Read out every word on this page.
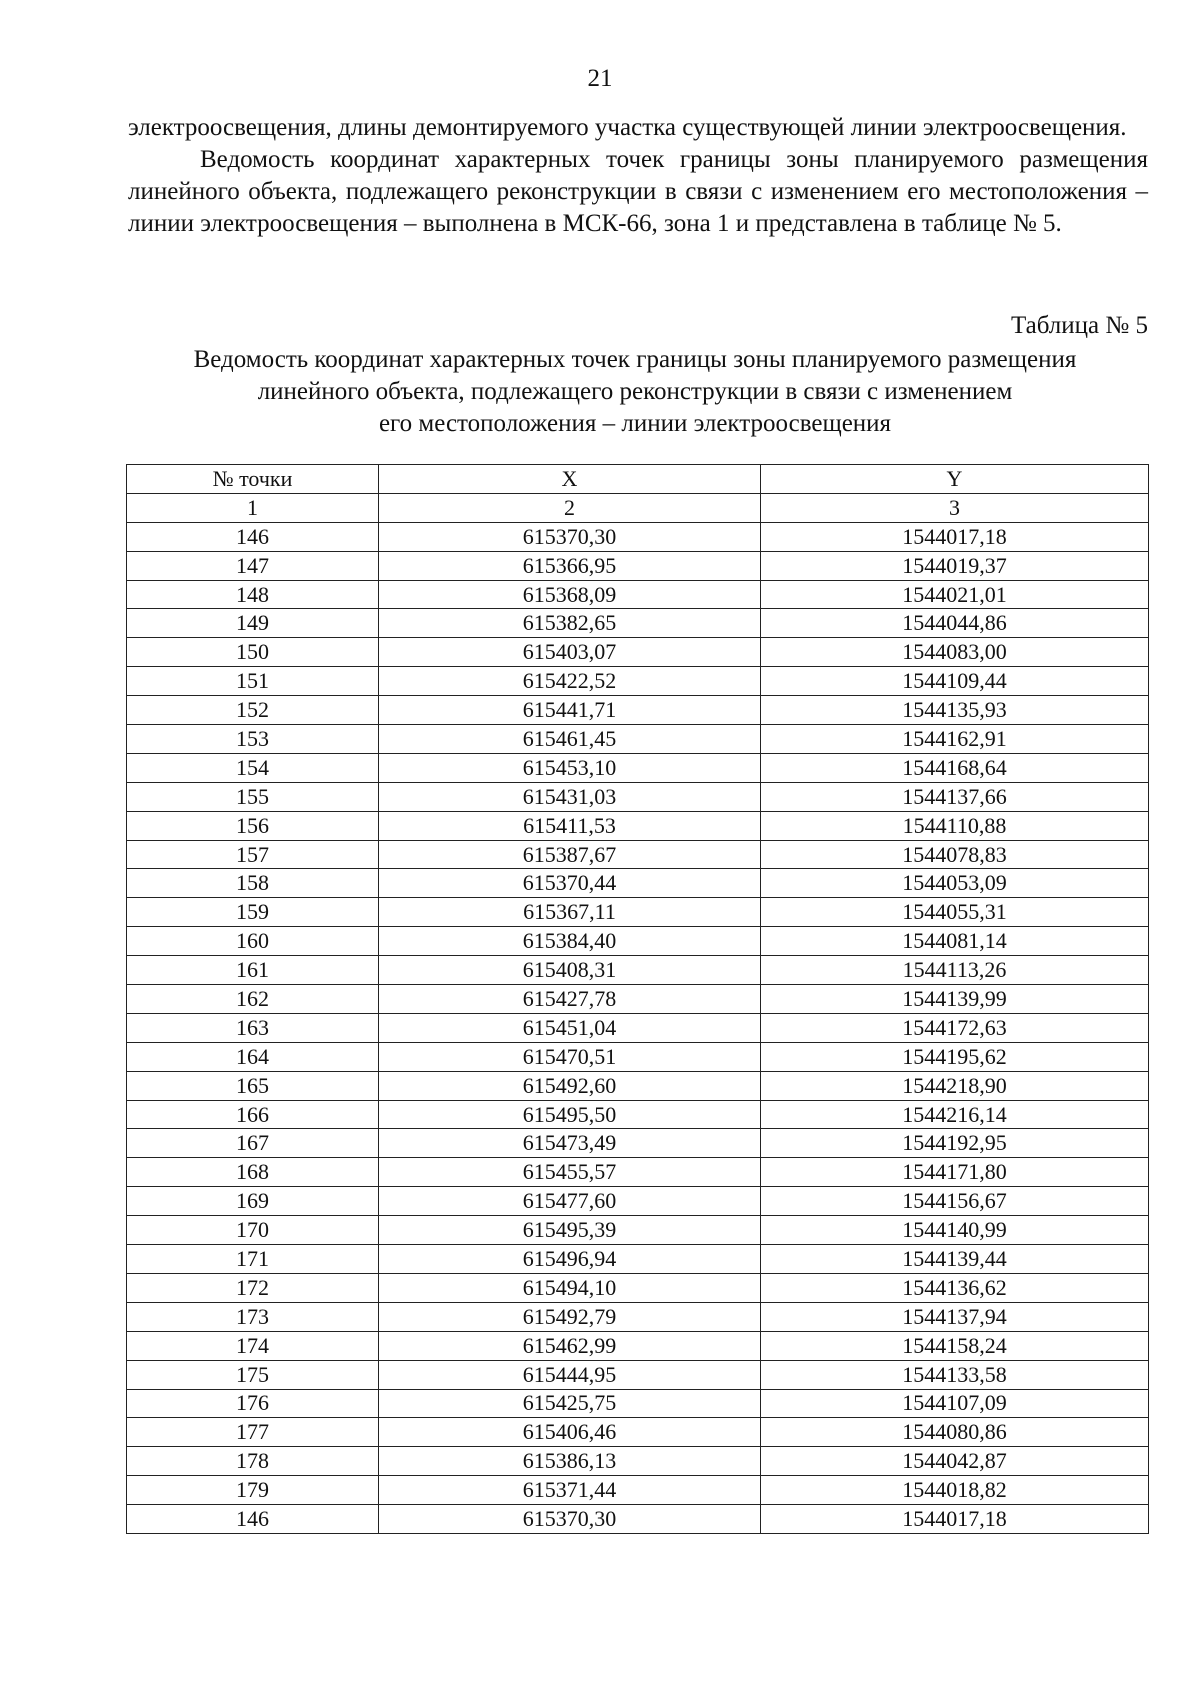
21

электроосвещения, длины демонтируемого участка существующей линии электроосвещения.

Ведомость координат характерных точек границы зоны планируемого размещения линейного объекта, подлежащего реконструкции в связи с изменением его местоположения – линии электроосвещения – выполнена в МСК-66, зона 1 и представлена в таблице № 5.

Таблица № 5
Ведомость координат характерных точек границы зоны планируемого размещения
линейного объекта, подлежащего реконструкции в связи с изменением
его местоположения – линии электроосвещения
№ точки	X	Y
1	2	3
146	615370,30	1544017,18
147	615366,95	1544019,37
148	615368,09	1544021,01
149	615382,65	1544044,86
150	615403,07	1544083,00
151	615422,52	1544109,44
152	615441,71	1544135,93
153	615461,45	1544162,91
154	615453,10	1544168,64
155	615431,03	1544137,66
156	615411,53	1544110,88
157	615387,67	1544078,83
158	615370,44	1544053,09
159	615367,11	1544055,31
160	615384,40	1544081,14
161	615408,31	1544113,26
162	615427,78	1544139,99
163	615451,04	1544172,63
164	615470,51	1544195,62
165	615492,60	1544218,90
166	615495,50	1544216,14
167	615473,49	1544192,95
168	615455,57	1544171,80
169	615477,60	1544156,67
170	615495,39	1544140,99
171	615496,94	1544139,44
172	615494,10	1544136,62
173	615492,79	1544137,94
174	615462,99	1544158,24
175	615444,95	1544133,58
176	615425,75	1544107,09
177	615406,46	1544080,86
178	615386,13	1544042,87
179	615371,44	1544018,82
146	615370,30	1544017,18
